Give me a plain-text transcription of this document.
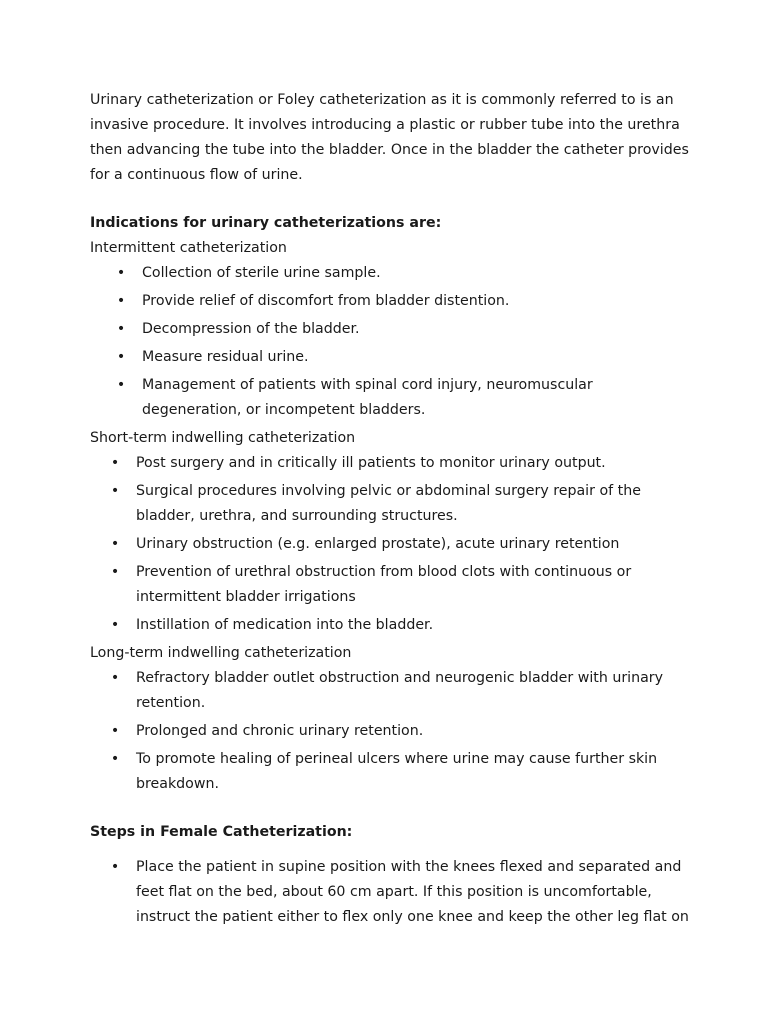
Urinary catheterization or Foley catheterization as it is commonly referred to is an invasive procedure. It involves introducing a plastic or rubber tube into the urethra then advancing the tube into the bladder. Once in the bladder the catheter provides for a continuous flow of urine.

Indications for urinary catheterizations are:

Intermittent catheterization

• Collection of sterile urine sample.
• Provide relief of discomfort from bladder distention.
• Decompression of the bladder.
• Measure residual urine.
• Management of patients with spinal cord injury, neuromuscular degeneration, or incompetent bladders.

Short-term indwelling catheterization

• Post surgery and in critically ill patients to monitor urinary output.
• Surgical procedures involving pelvic or abdominal surgery repair of the bladder, urethra, and surrounding structures.
• Urinary obstruction (e.g. enlarged prostate), acute urinary retention
• Prevention of urethral obstruction from blood clots with continuous or intermittent bladder irrigations
• Instillation of medication into the bladder.

Long-term indwelling catheterization

• Refractory bladder outlet obstruction and neurogenic bladder with urinary retention.
• Prolonged and chronic urinary retention.
• To promote healing of perineal ulcers where urine may cause further skin breakdown.

Steps in Female Catheterization:

• Place the patient in supine position with the knees flexed and separated and feet flat on the bed, about 60 cm apart. If this position is uncomfortable, instruct the patient either to flex only one knee and keep the other leg flat on
